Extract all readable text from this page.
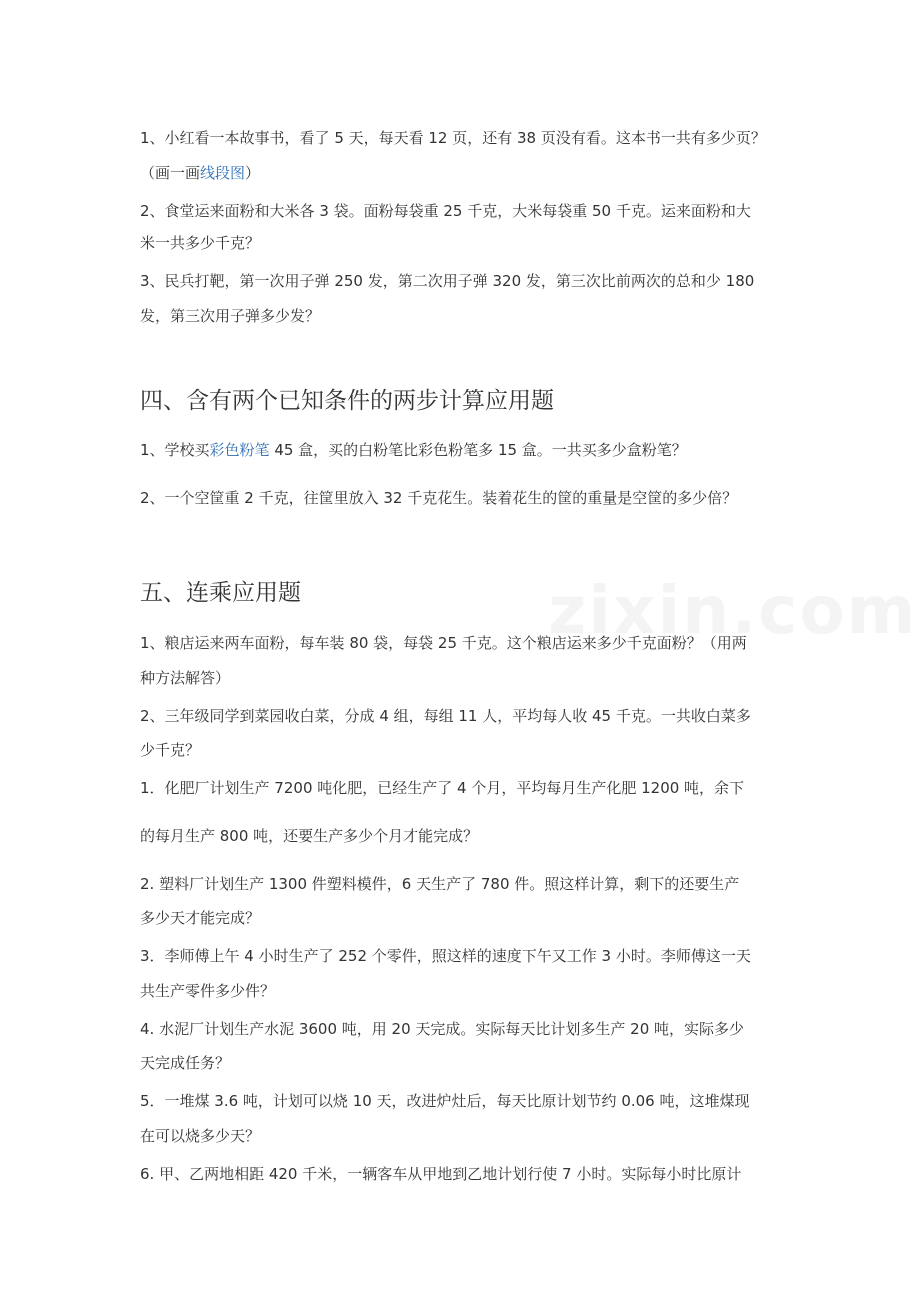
zixin.com
1、小红看一本故事书，看了 5 天，每天看 12 页，还有 38 页没有看。这本书一共有多少页？
（画一画线段图）
2、食堂运来面粉和大米各 3 袋。面粉每袋重 25 千克，大米每袋重 50 千克。运来面粉和大
米一共多少千克？
3、民兵打靶，第一次用子弹 250 发，第二次用子弹 320 发，第三次比前两次的总和少 180
发，第三次用子弹多少发？
四、含有两个已知条件的两步计算应用题
1、学校买彩色粉笔 45 盒，买的白粉笔比彩色粉笔多 15 盒。一共买多少盒粉笔？
2、一个空筐重 2 千克，往筐里放入 32 千克花生。装着花生的筐的重量是空筐的多少倍？
五、连乘应用题
1、粮店运来两车面粉，每车装 80 袋，每袋 25 千克。这个粮店运来多少千克面粉？（用两
种方法解答）
2、三年级同学到菜园收白菜，分成 4 组，每组 11 人，平均每人收 45 千克。一共收白菜多
少千克？
1．化肥厂计划生产 7200 吨化肥，已经生产了 4 个月，平均每月生产化肥 1200 吨，余下
的每月生产 800 吨，还要生产多少个月才能完成？
2. 塑料厂计划生产 1300 件塑料模件，6 天生产了 780 件。照这样计算，剩下的还要生产
多少天才能完成？
3．李师傅上午 4 小时生产了 252 个零件，照这样的速度下午又工作 3 小时。李师傅这一天
共生产零件多少件？
4. 水泥厂计划生产水泥 3600 吨，用 20 天完成。实际每天比计划多生产 20 吨，实际多少
天完成任务？
5．一堆煤 3.6 吨，计划可以烧 10 天，改进炉灶后，每天比原计划节约 0.06 吨，这堆煤现
在可以烧多少天？
6. 甲、乙两地相距 420 千米，一辆客车从甲地到乙地计划行使 7 小时。实际每小时比原计
